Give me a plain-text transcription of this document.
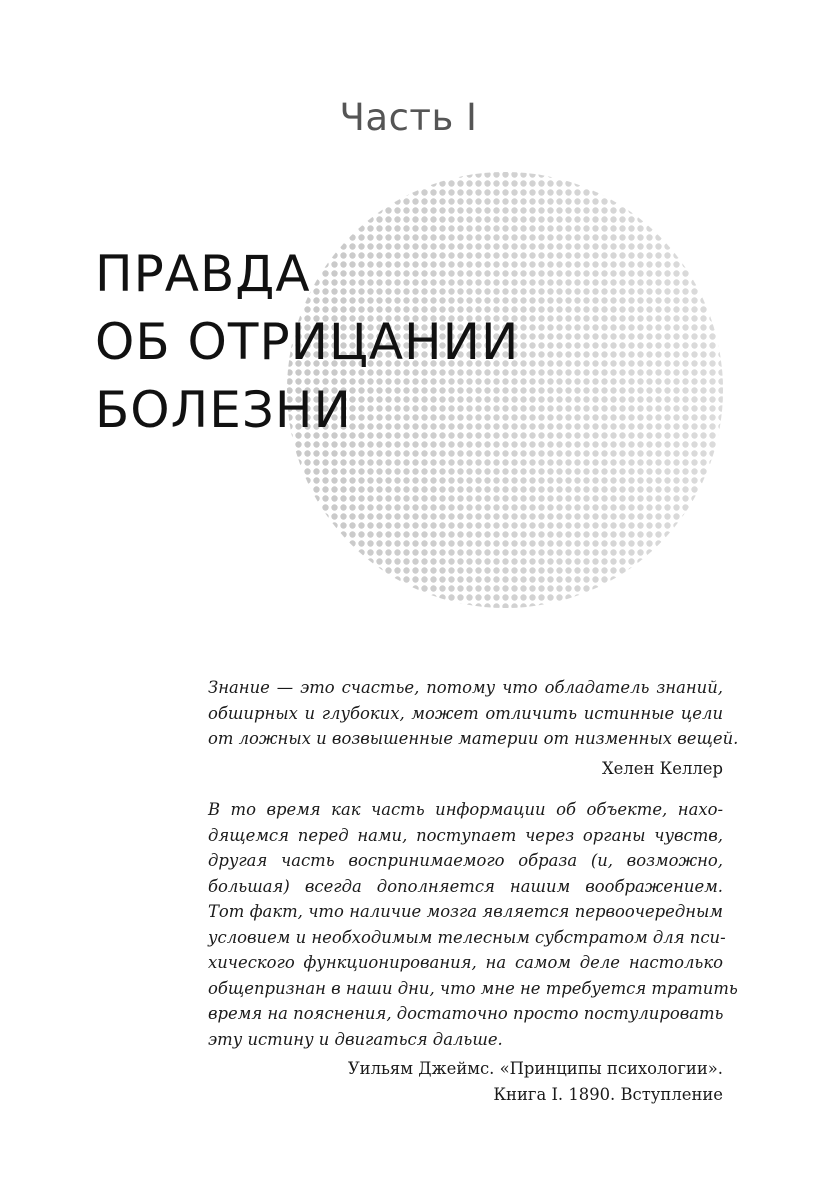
Часть I
ПРАВДА
ОБ ОТРИЦАНИИ
БОЛЕЗНИ
Знание — это счастье, потому что обладатель знаний,
обширных и глубоких, может отличить истинные цели
от ложных и возвышенные материи от низменных вещей.
Хелен Келлер
В то время как часть информации об объекте, нахо-
дящемся перед нами, поступает через органы чувств,
другая часть воспринимаемого образа (и, возможно,
большая) всегда дополняется нашим воображением.
Тот факт, что наличие мозга является первоочередным
условием и необходимым телесным субстратом для пси-
хического функционирования, на самом деле настолько
общепризнан в наши дни, что мне не требуется тратить
время на пояснения, достаточно просто постулировать
эту истину и двигаться дальше.
Уильям Джеймс. «Принципы психологии».
Книга I. 1890. Вступление
